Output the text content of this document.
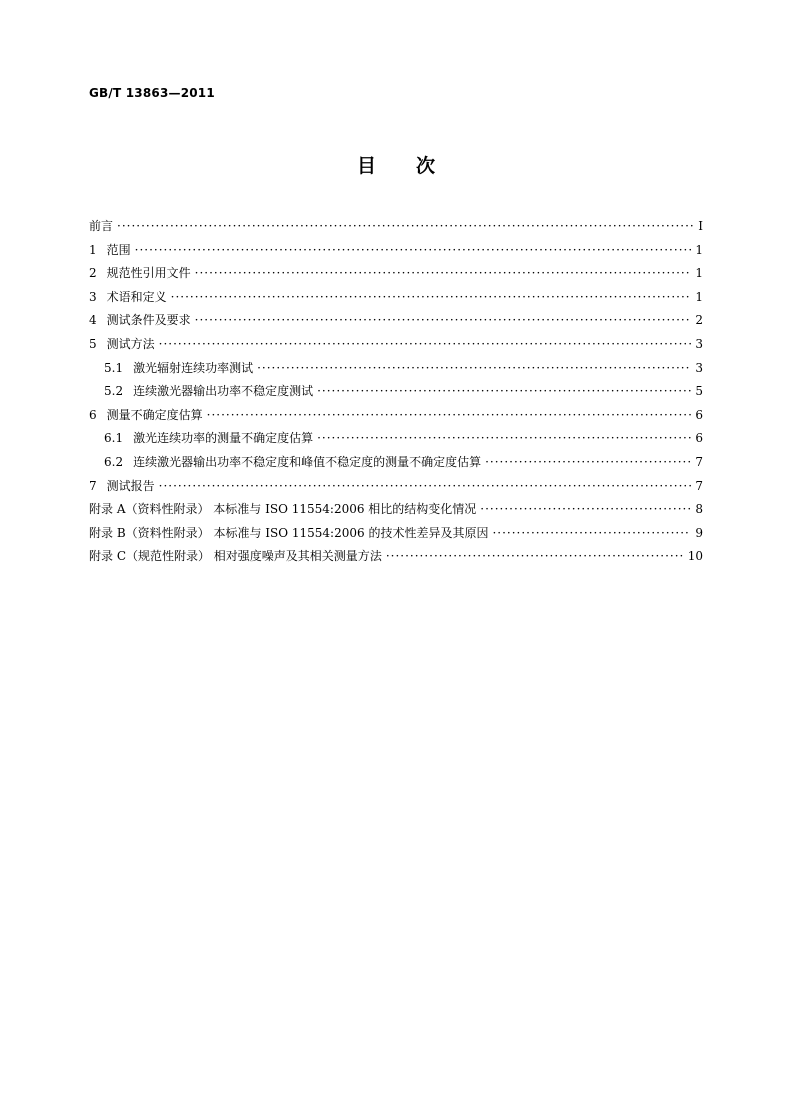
GB/T 13863—2011
目次
前言 ·····	Ⅰ
1 范围 ·····	1
2 规范性引用文件 ·····	1
3 术语和定义 ·····	1
4 测试条件及要求 ·····	2
5 测试方法 ·····	3
5.1 激光辐射连续功率测试 ·····	3
5.2 连续激光器输出功率不稳定度测试 ·····	5
6 测量不确定度估算 ·····	6
6.1 激光连续功率的测量不确定度估算 ·····	6
6.2 连续激光器输出功率不稳定度和峰值不稳定度的测量不确定度估算 ·····	7
7 测试报告 ·····	7
附录 A（资料性附录） 本标准与 ISO 11554:2006 相比的结构变化情况 ·····	8
附录 B（资料性附录） 本标准与 ISO 11554:2006 的技术性差异及其原因 ·····	9
附录 C（规范性附录） 相对强度噪声及其相关测量方法 ·····	10
